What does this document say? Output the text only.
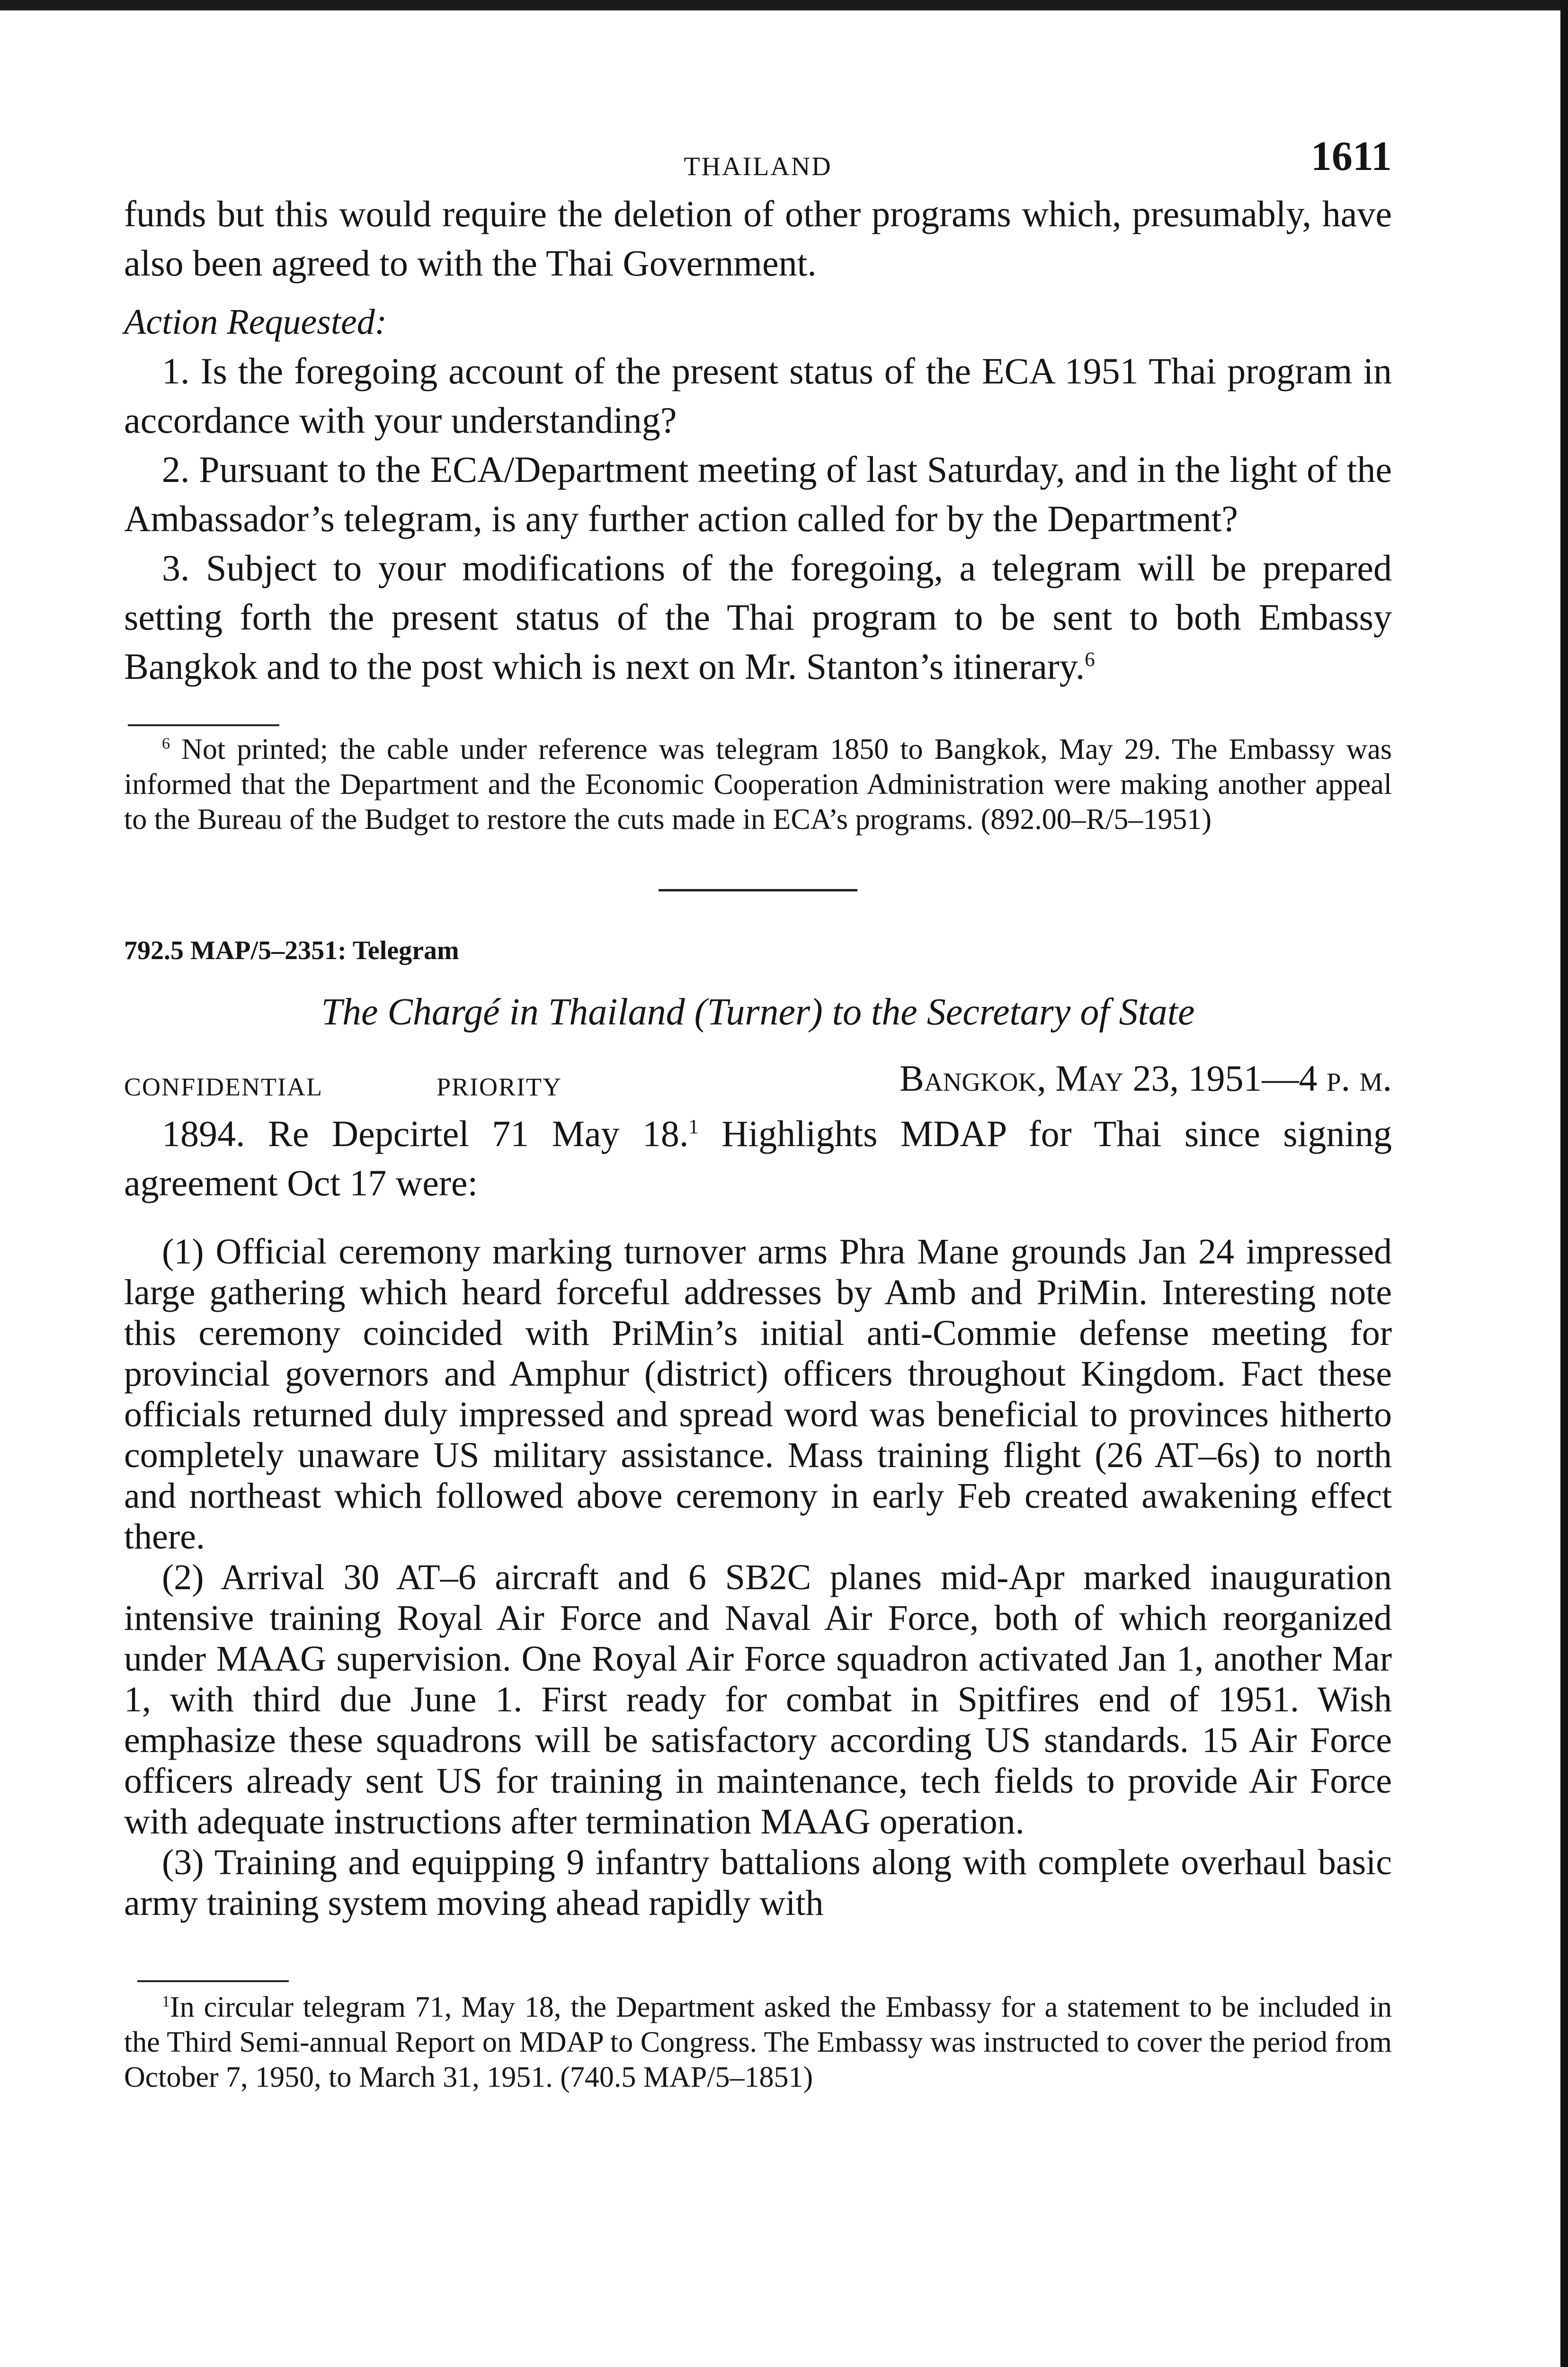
THAILAND	1611

funds but this would require the deletion of other programs which, presumably, have also been agreed to with the Thai Government.

Action Requested:

1. Is the foregoing account of the present status of the ECA 1951 Thai program in accordance with your understanding?

2. Pursuant to the ECA/Department meeting of last Saturday, and in the light of the Ambassador’s telegram, is any further action called for by the Department?

3. Subject to your modifications of the foregoing, a telegram will be prepared setting forth the present status of the Thai program to be sent to both Embassy Bangkok and to the post which is next on Mr. Stanton’s itinerary.$^6$

$^6$ Not printed; the cable under reference was telegram 1850 to Bangkok, May 29. The Embassy was informed that the Department and the Economic Cooperation Administration were making another appeal to the Bureau of the Budget to restore the cuts made in ECA’s programs. (892.00–R/5–1951)

792.5 MAP/5–2351: Telegram
The Chargé in Thailand (Turner) to the Secretary of State
CONFIDENTIAL	PRIORITY	Bangkok, May 23, 1951—4 p. m.

1894. Re Depcirtel 71 May 18.$^1$ Highlights MDAP for Thai since signing agreement Oct 17 were:

(1) Official ceremony marking turnover arms Phra Mane grounds Jan 24 impressed large gathering which heard forceful addresses by Amb and PriMin. Interesting note this ceremony coincided with PriMin’s initial anti-Commie defense meeting for provincial governors and Amphur (district) officers throughout Kingdom. Fact these officials returned duly impressed and spread word was beneficial to provinces hitherto completely unaware US military assistance. Mass training flight (26 AT–6s) to north and northeast which followed above ceremony in early Feb created awakening effect there.

(2) Arrival 30 AT–6 aircraft and 6 SB2C planes mid-Apr marked inauguration intensive training Royal Air Force and Naval Air Force, both of which reorganized under MAAG supervision. One Royal Air Force squadron activated Jan 1, another Mar 1, with third due June 1. First ready for combat in Spitfires end of 1951. Wish emphasize these squadrons will be satisfactory according US standards. 15 Air Force officers already sent US for training in maintenance, tech fields to provide Air Force with adequate instructions after termination MAAG operation.

(3) Training and equipping 9 infantry battalions along with complete overhaul basic army training system moving ahead rapidly with

$^1$In circular telegram 71, May 18, the Department asked the Embassy for a statement to be included in the Third Semi-annual Report on MDAP to Congress. The Embassy was instructed to cover the period from October 7, 1950, to March 31, 1951. (740.5 MAP/5–1851)
